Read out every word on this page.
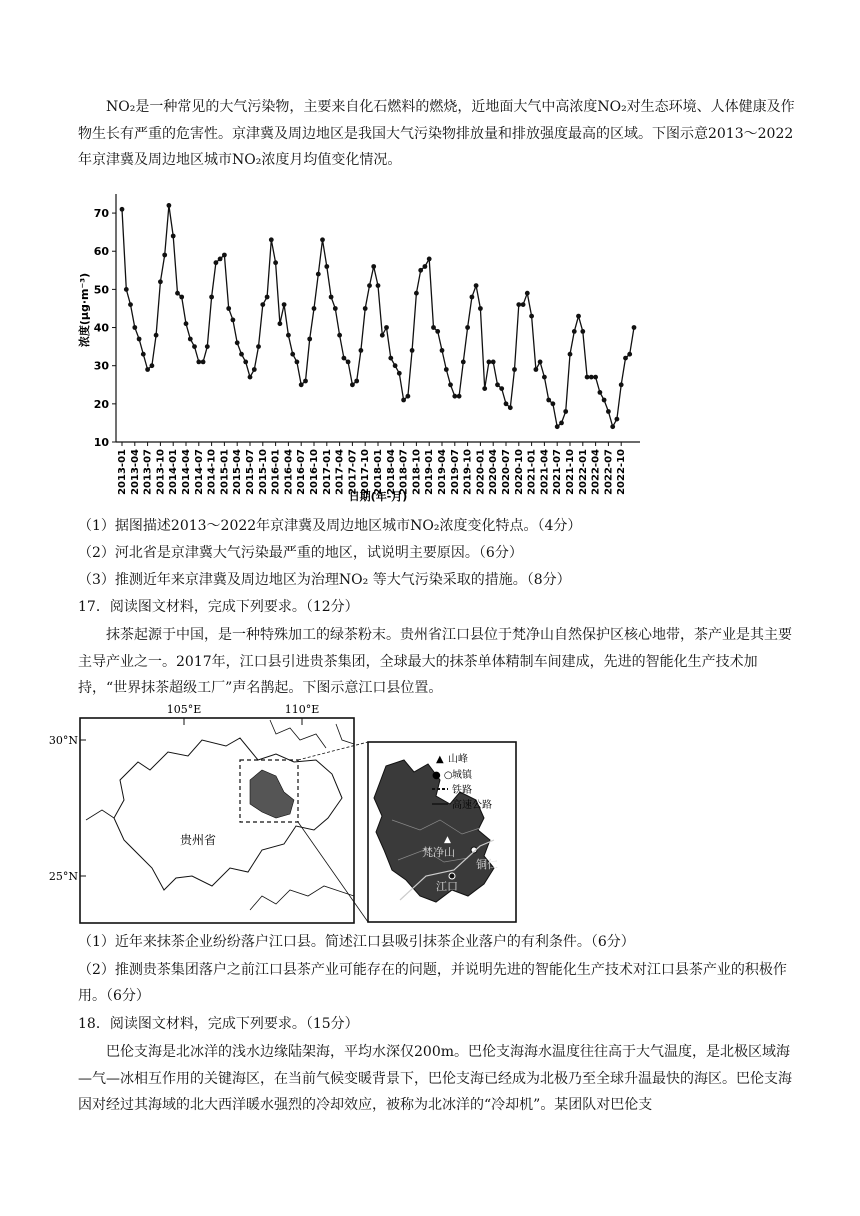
NO₂是一种常见的大气污染物，主要来自化石燃料的燃烧，近地面大气中高浓度NO₂对生态环境、人体健康及作物生长有严重的危害性。京津冀及周边地区是我国大气污染物排放量和排放强度最高的区域。下图示意2013～2022年京津冀及周边地区城市NO₂浓度月均值变化情况。

10
20
30
40
50
60
70
2013-01 2013-04 2013-07 2013-10 2014-01 2014-04 2014-07 2014-10 2015-01 2015-04 2015-07 2015-10 2016-01 2016-04 2016-07 2016-10 2017-01 2017-04 2017-07 2017-10 2018-01 2018-04 2018-07 2018-10 2019-01 2019-04 2019-07 2019-10 2020-01 2020-04 2020-07 2020-10 2021-01 2021-04 2021-07 2021-10 2022-01 2022-04 2022-07 2022-10
浓度(μg·m⁻³)
日期(年-月)

（1）据图描述2013～2022年京津冀及周边地区城市NO₂浓度变化特点。（4分）

（2）河北省是京津冀大气污染最严重的地区，试说明主要原因。（6分）

（3）推测近年来京津冀及周边地区为治理NO₂ 等大气污染采取的措施。（8分）

17．阅读图文材料，完成下列要求。（12分）

抹茶起源于中国，是一种特殊加工的绿茶粉末。贵州省江口县位于梵净山自然保护区核心地带，茶产业是其主要主导产业之一。2017年，江口县引进贵茶集团，全球最大的抹茶单体精制车间建成，先进的智能化生产技术加持，“世界抹茶超级工厂”声名鹊起。下图示意江口县位置。

105°E	110°E
30°N
25°N
贵州省
▲ 山峰
● ○ 城镇
铁路
高速公路
▲
梵净山
铜仁
江口

（1）近年来抹茶企业纷纷落户江口县。简述江口县吸引抹茶企业落户的有利条件。（6分）

（2）推测贵茶集团落户之前江口县茶产业可能存在的问题，并说明先进的智能化生产技术对江口县茶产业的积极作用。（6分）

18．阅读图文材料，完成下列要求。（15分）

巴伦支海是北冰洋的浅水边缘陆架海，平均水深仅200m。巴伦支海海水温度往往高于大气温度，是北极区域海—气—冰相互作用的关键海区，在当前气候变暖背景下，巴伦支海已经成为北极乃至全球升温最快的海区。巴伦支海因对经过其海域的北大西洋暖水强烈的冷却效应，被称为北冰洋的“冷却机”。某团队对巴伦支
